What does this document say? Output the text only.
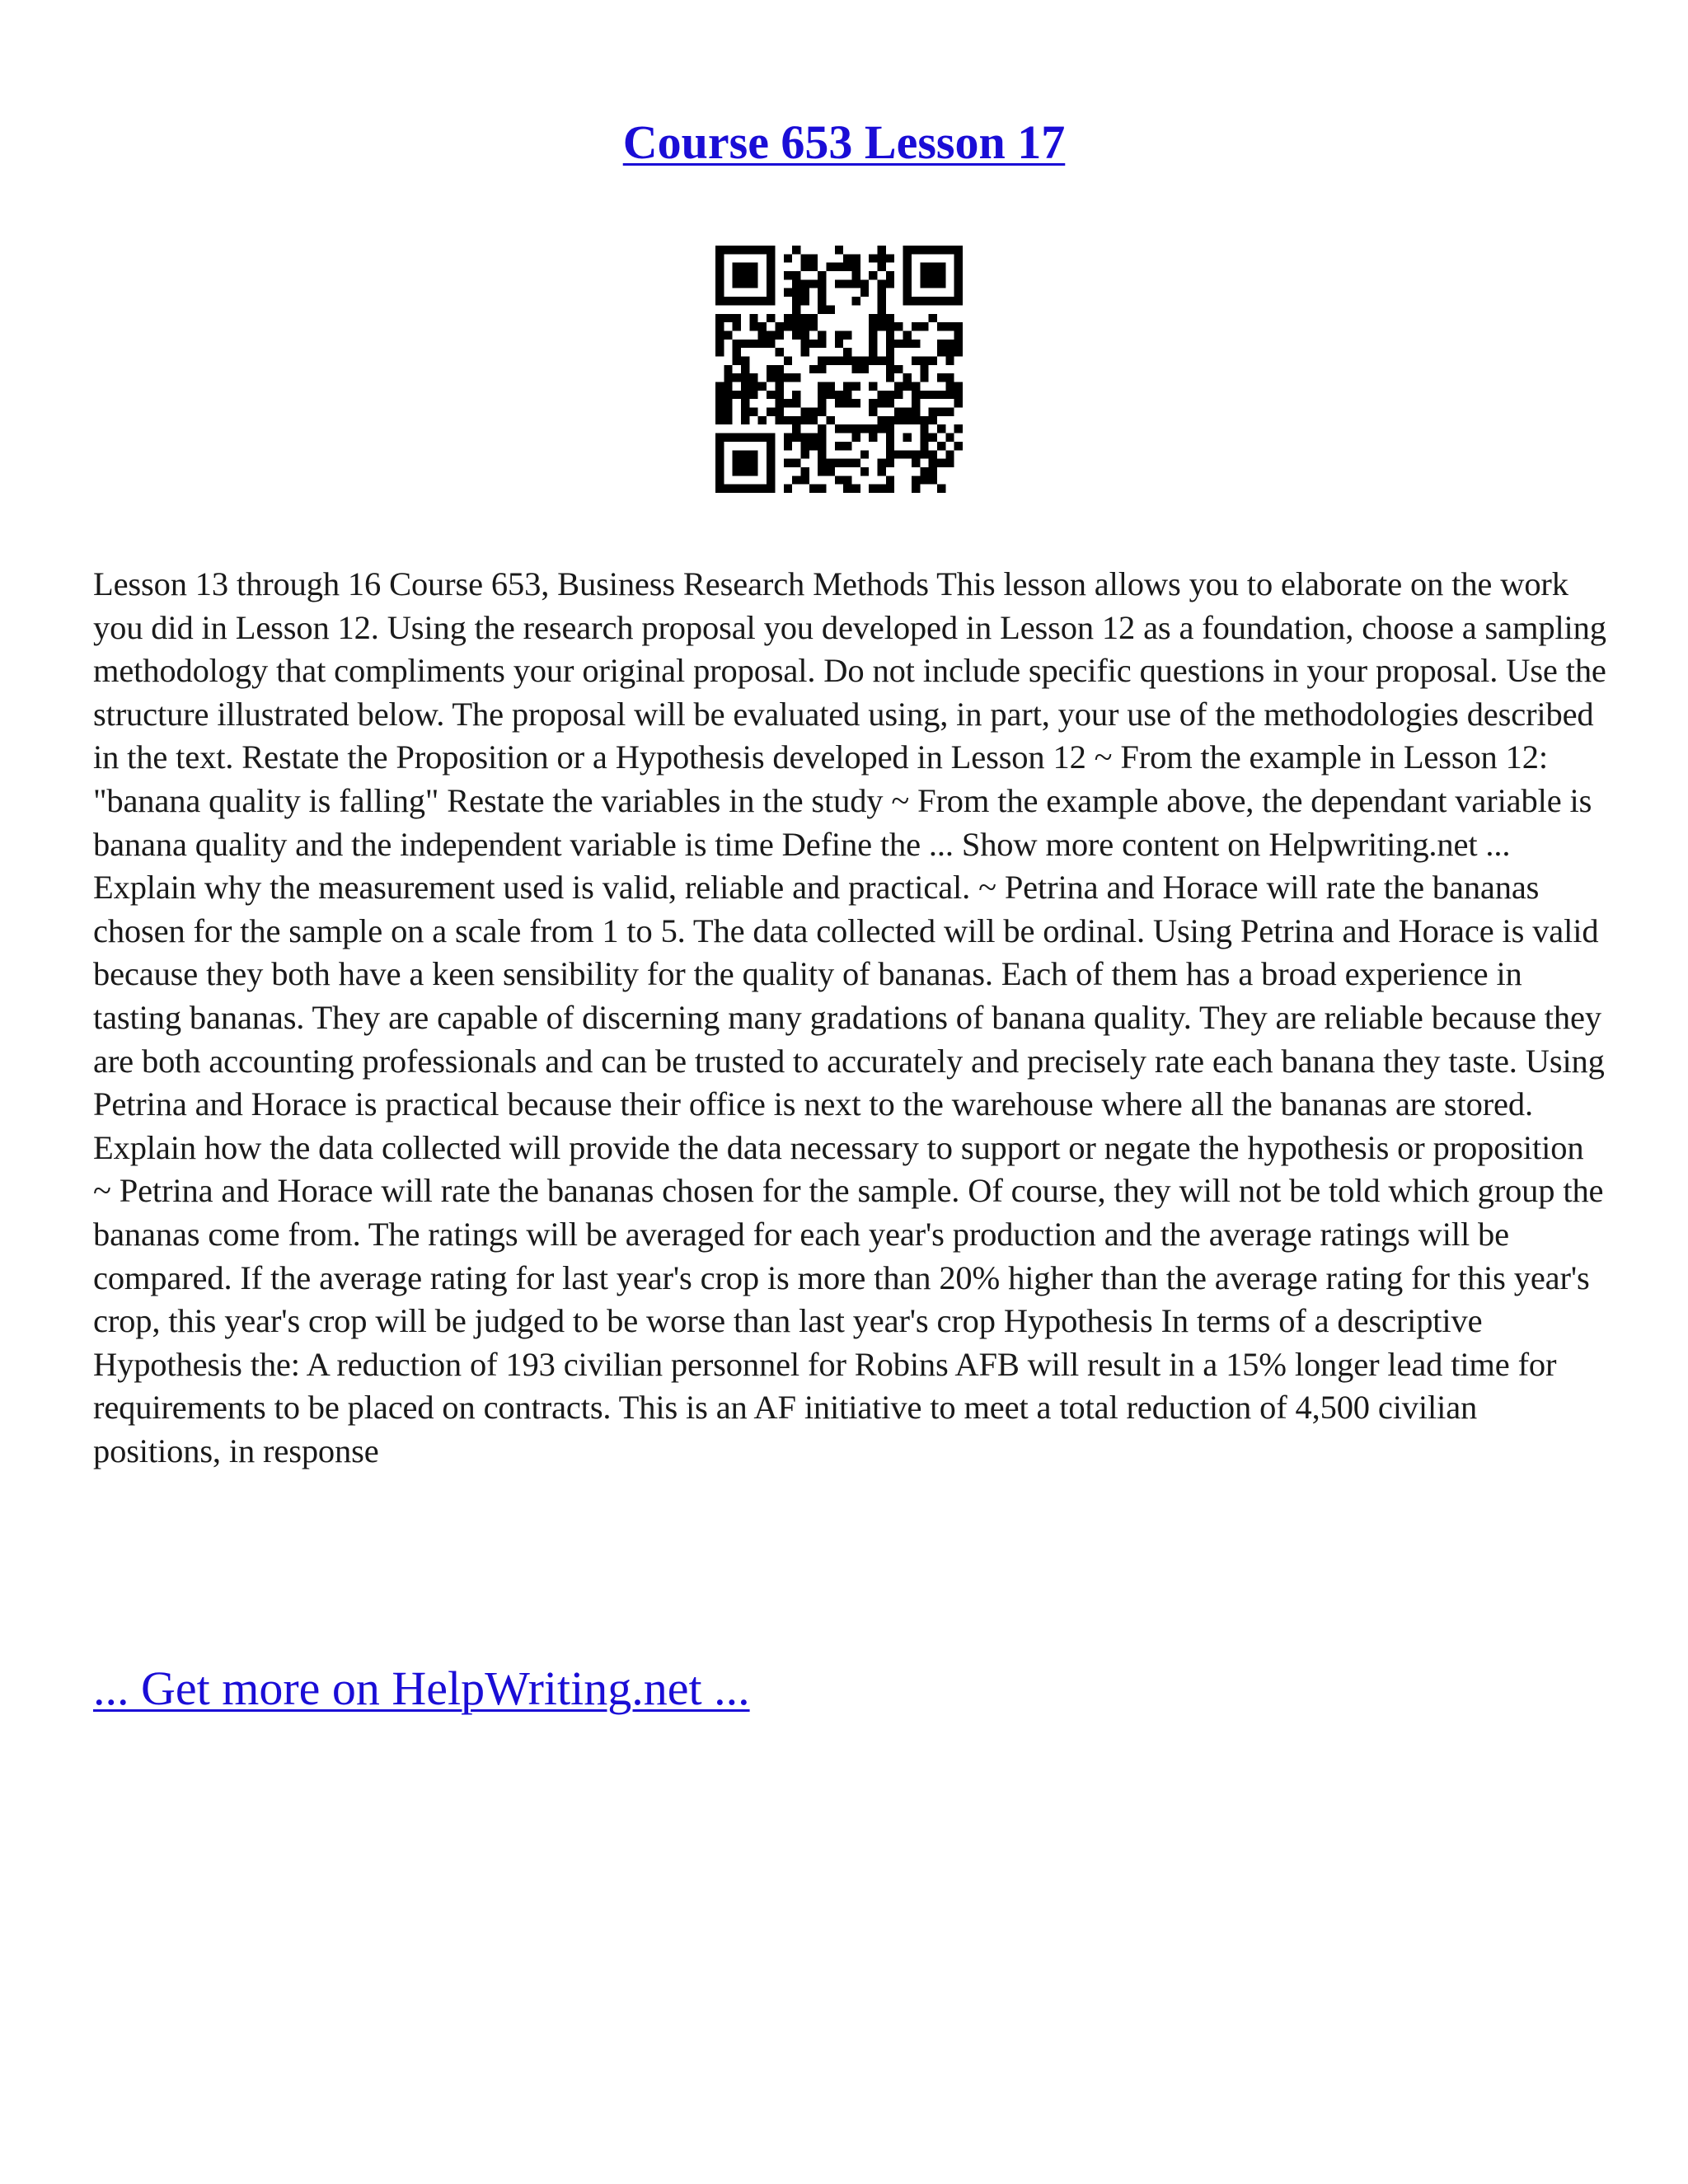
Course 653 Lesson 17

Lesson 13 through 16 Course 653, Business Research Methods This lesson allows you to elaborate on the work you did in Lesson 12. Using the research proposal you developed in Lesson 12 as a foundation, choose a sampling methodology that compliments your original proposal. Do not include specific questions in your proposal. Use the structure illustrated below. The proposal will be evaluated using, in part, your use of the methodologies described in the text. Restate the Proposition or a Hypothesis developed in Lesson 12 ~ From the example in Lesson 12: "banana quality is falling" Restate the variables in the study ~ From the example above, the dependant variable is banana quality and the independent variable is time Define the ... Show more content on Helpwriting.net ...

Explain why the measurement used is valid, reliable and practical. ~ Petrina and Horace will rate the bananas chosen for the sample on a scale from 1 to 5. The data collected will be ordinal. Using Petrina and Horace is valid because they both have a keen sensibility for the quality of bananas. Each of them has a broad experience in tasting bananas. They are capable of discerning many gradations of banana quality. They are reliable because they are both accounting professionals and can be trusted to accurately and precisely rate each banana they taste. Using Petrina and Horace is practical because their office is next to the warehouse where all the bananas are stored. Explain how the data collected will provide the data necessary to support or negate the hypothesis or proposition ~ Petrina and Horace will rate the bananas chosen for the sample. Of course, they will not be told which group the bananas come from. The ratings will be averaged for each year's production and the average ratings will be compared. If the average rating for last year's crop is more than 20% higher than the average rating for this year's crop, this year's crop will be judged to be worse than last year's crop Hypothesis In terms of a descriptive Hypothesis the: A reduction of 193 civilian personnel for Robins AFB will result in a 15% longer lead time for requirements to be placed on contracts. This is an AF initiative to meet a total reduction of 4,500 civilian positions, in response

... Get more on HelpWriting.net ...
